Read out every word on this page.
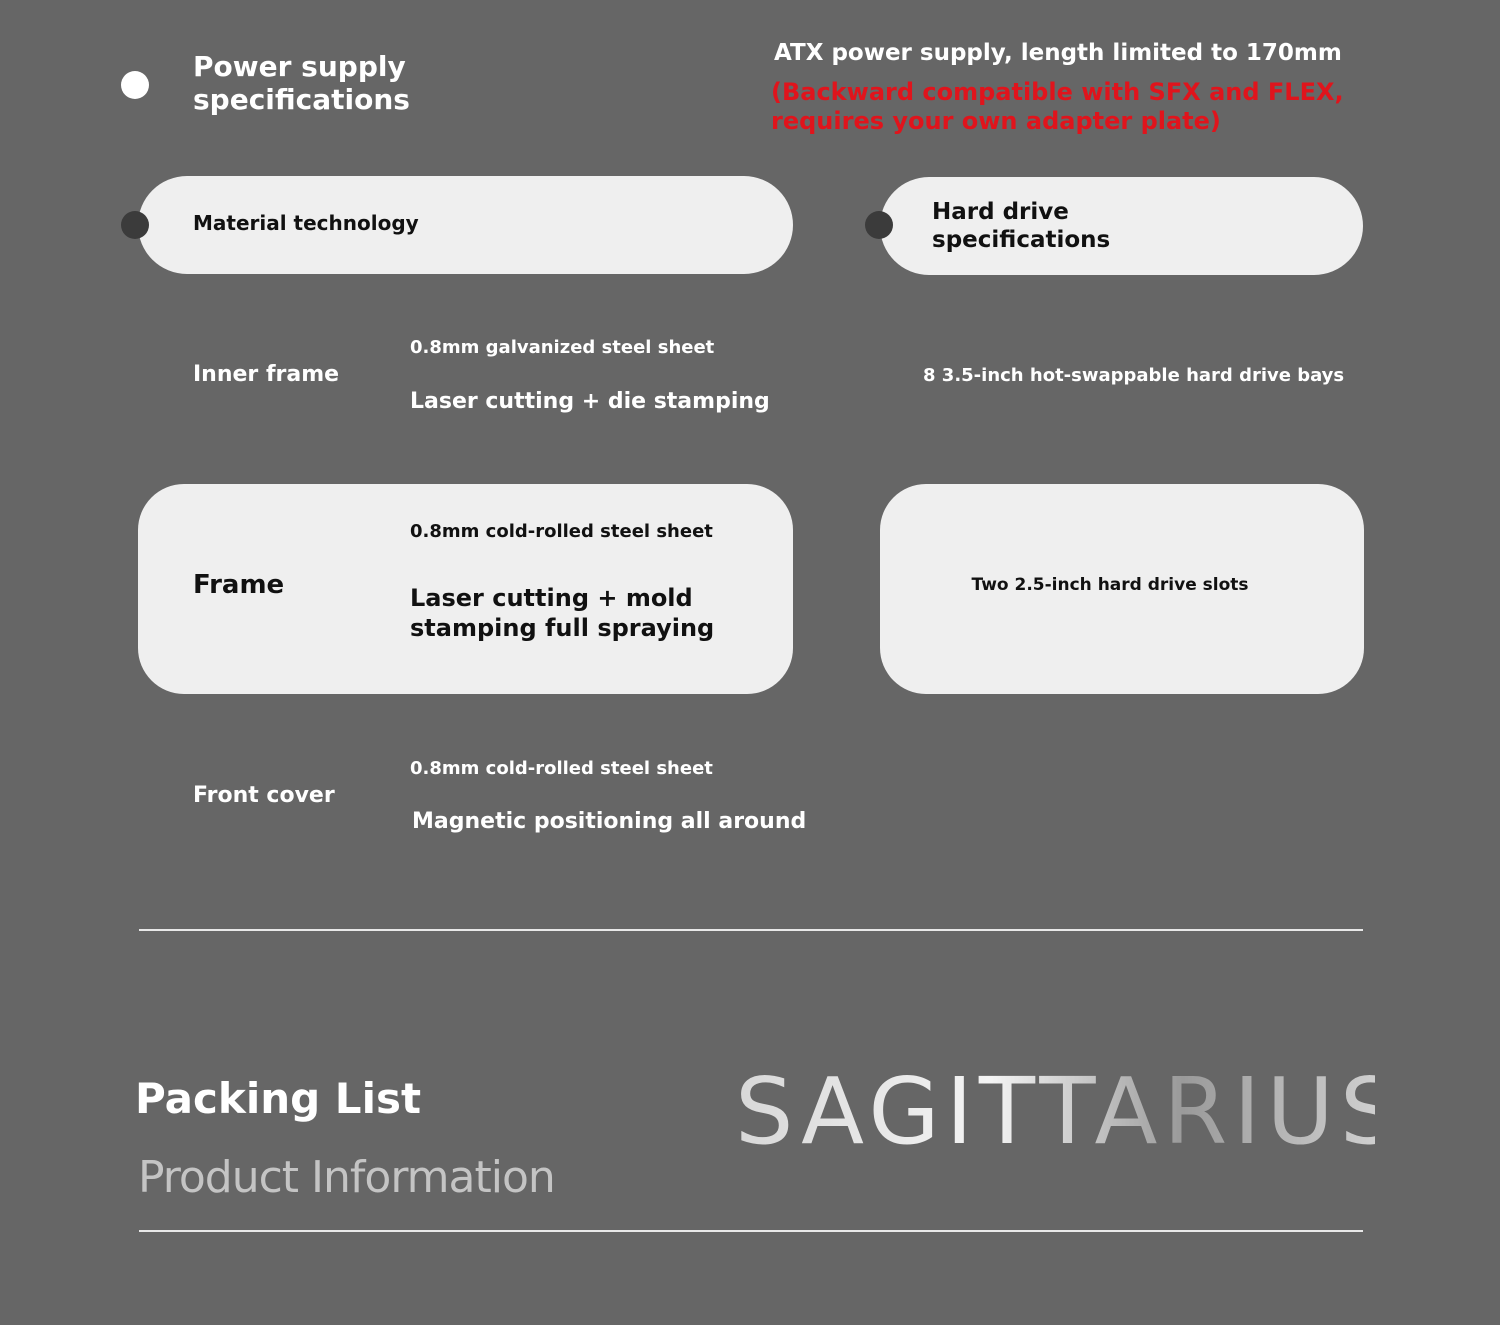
Power supply specifications
ATX power supply, length limited to 170mm
(Backward compatible with SFX and FLEX,
requires your own adapter plate)
Material technology	Hard drive specifications
Inner frame
0.8mm galvanized steel sheet
Laser cutting + die stamping
8 3.5-inch hot-swappable hard drive bays
Frame
0.8mm cold-rolled steel sheet
Laser cutting + mold stamping full spraying
Two 2.5-inch hard drive slots
Front cover
0.8mm cold-rolled steel sheet
Magnetic positioning all around
Packing List
Product Information
SAGITTARIUS
